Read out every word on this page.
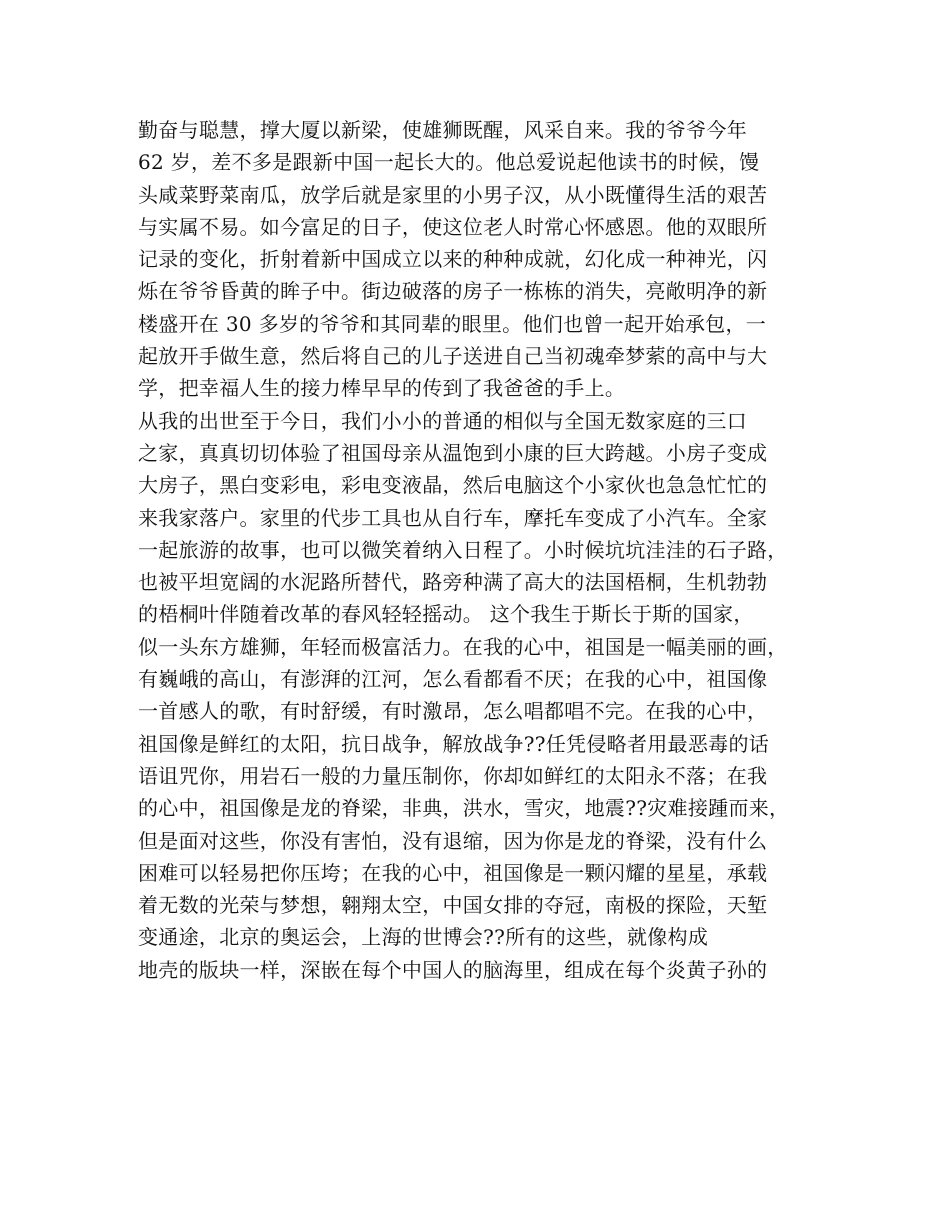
勤奋与聪慧，撑大厦以新梁，使雄狮既醒，风采自来。我的爷爷今年
62 岁，差不多是跟新中国一起长大的。他总爱说起他读书的时候，馒
头咸菜野菜南瓜，放学后就是家里的小男子汉，从小既懂得生活的艰苦
与实属不易。如今富足的日子，使这位老人时常心怀感恩。他的双眼所
记录的变化，折射着新中国成立以来的种种成就，幻化成一种神光，闪
烁在爷爷昏黄的眸子中。街边破落的房子一栋栋的消失，亮敞明净的新
楼盛开在 30 多岁的爷爷和其同辈的眼里。他们也曾一起开始承包，一
起放开手做生意，然后将自己的儿子送进自己当初魂牵梦萦的高中与大
学，把幸福人生的接力棒早早的传到了我爸爸的手上。
从我的出世至于今日，我们小小的普通的相似与全国无数家庭的三口
之家，真真切切体验了祖国母亲从温饱到小康的巨大跨越。小房子变成
大房子，黑白变彩电，彩电变液晶，然后电脑这个小家伙也急急忙忙的
来我家落户。家里的代步工具也从自行车，摩托车变成了小汽车。全家
一起旅游的故事，也可以微笑着纳入日程了。小时候坑坑洼洼的石子路，
也被平坦宽阔的水泥路所替代，路旁种满了高大的法国梧桐，生机勃勃
的梧桐叶伴随着改革的春风轻轻摇动。 这个我生于斯长于斯的国家，
似一头东方雄狮，年轻而极富活力。在我的心中，祖国是一幅美丽的画，
有巍峨的高山，有澎湃的江河，怎么看都看不厌；在我的心中，祖国像
一首感人的歌，有时舒缓，有时激昂，怎么唱都唱不完。在我的心中，
祖国像是鲜红的太阳，抗日战争，解放战争??任凭侵略者用最恶毒的话
语诅咒你，用岩石一般的力量压制你，你却如鲜红的太阳永不落；在我
的心中，祖国像是龙的脊梁，非典，洪水，雪灾，地震??灾难接踵而来，
但是面对这些，你没有害怕，没有退缩，因为你是龙的脊梁，没有什么
困难可以轻易把你压垮；在我的心中，祖国像是一颗闪耀的星星，承载
着无数的光荣与梦想，翱翔太空，中国女排的夺冠，南极的探险，天堑
变通途，北京的奥运会，上海的世博会??所有的这些，就像构成
地壳的版块一样，深嵌在每个中国人的脑海里，组成在每个炎黄子孙的
